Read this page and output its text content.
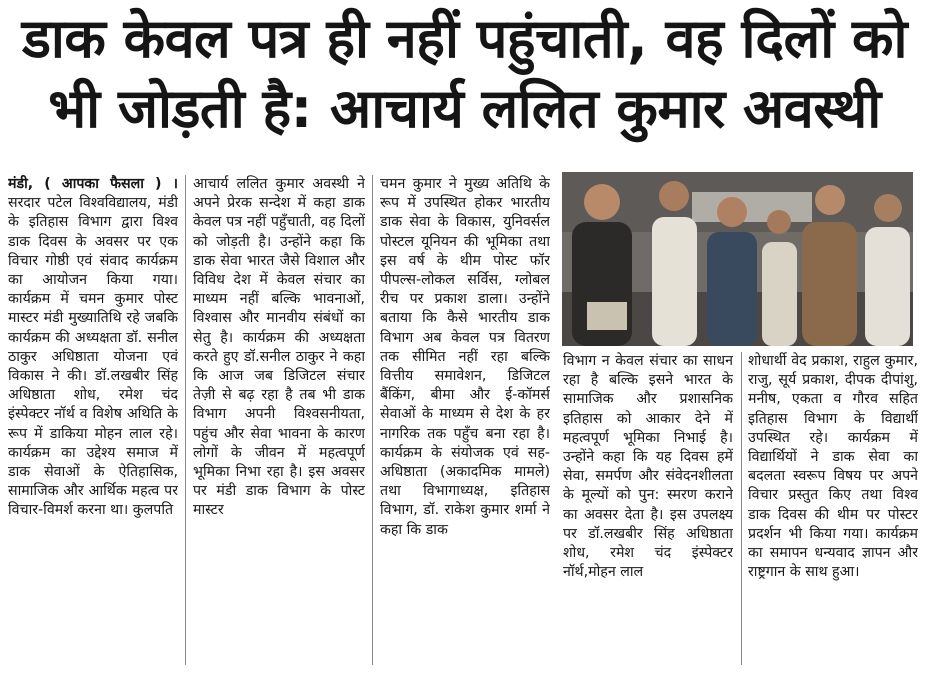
डाक केवल पत्र ही नहीं पहुंचाती, वह दिलों को
भी जोड़ती है: आचार्य ललित कुमार अवस्थी

मंडी, ( आपका फैसला ) । सरदार पटेल विश्वविद्यालय, मंडी के इतिहास विभाग द्वारा विश्व डाक दिवस के अवसर पर एक विचार गोष्ठी एवं संवाद कार्यक्रम का आयोजन किया गया। कार्यक्रम में चमन कुमार पोस्ट मास्टर मंडी मुख्यातिथि रहे जबकि कार्यक्रम की अध्यक्षता डॉ. सनील ठाकुर अधिष्ठाता योजना एवं विकास ने की। डॉ.लखबीर सिंह अधिष्ठाता शोध, रमेश चंद इंस्पेक्टर नॉर्थ व विशेष अथिति के रूप में डाकिया मोहन लाल रहे। कार्यक्रम का उद्देश्य समाज में डाक सेवाओं के ऐतिहासिक, सामाजिक और आर्थिक महत्व पर विचार-विमर्श करना था। कुलपति

आचार्य ललित कुमार अवस्थी ने अपने प्रेरक सन्देश में कहा डाक केवल पत्र नहीं पहुँचाती, वह दिलों को जोड़ती है। उन्होंने कहा कि डाक सेवा भारत जैसे विशाल और विविध देश में केवल संचार का माध्यम नहीं बल्कि भावनाओं, विश्वास और मानवीय संबंधों का सेतु है। कार्यक्रम की अध्यक्षता करते हुए डॉ.सनील ठाकुर ने कहा कि आज जब डिजिटल संचार तेज़ी से बढ़ रहा है तब भी डाक विभाग अपनी विश्वसनीयता, पहुंच और सेवा भावना के कारण लोगों के जीवन में महत्वपूर्ण भूमिका निभा रहा है। इस अवसर पर मंडी डाक विभाग के पोस्ट मास्टर

चमन कुमार ने मुख्य अतिथि के रूप में उपस्थित होकर भारतीय डाक सेवा के विकास, युनिवर्सल पोस्टल यूनियन की भूमिका तथा इस वर्ष के थीम पोस्ट फॉर पीपल्स-लोकल सर्विस, ग्लोबल रीच पर प्रकाश डाला। उन्होंने बताया कि कैसे भारतीय डाक विभाग अब केवल पत्र वितरण तक सीमित नहीं रहा बल्कि वित्तीय समावेशन, डिजिटल बैंकिंग, बीमा और ई-कॉमर्स सेवाओं के माध्यम से देश के हर नागरिक तक पहुँच बना रहा है। कार्यक्रम के संयोजक एवं सह-अधिष्ठाता (अकादमिक मामले) तथा विभागाध्यक्ष, इतिहास विभाग, डॉ. राकेश कुमार शर्मा ने कहा कि डाक

विभाग न केवल संचार का साधन रहा है बल्कि इसने भारत के सामाजिक और प्रशासनिक इतिहास को आकार देने में महत्वपूर्ण भूमिका निभाई है। उन्होंने कहा कि यह दिवस हमें सेवा, समर्पण और संवेदनशीलता के मूल्यों को पुन: स्मरण कराने का अवसर देता है। इस उपलक्ष्य पर डॉ.लखबीर सिंह अधिष्ठाता शोध, रमेश चंद इंस्पेक्टर नॉर्थ,मोहन लाल

शोधार्थी वेद प्रकाश, राहुल कुमार, राजु, सूर्य प्रकाश, दीपक दीपांशु, मनीष, एकता व गौरव सहित इतिहास विभाग के विद्यार्थी उपस्थित रहे। कार्यक्रम में विद्यार्थियों ने डाक सेवा का बदलता स्वरूप विषय पर अपने विचार प्रस्तुत किए तथा विश्व डाक दिवस की थीम पर पोस्टर प्रदर्शन भी किया गया। कार्यक्रम का समापन धन्यवाद ज्ञापन और राष्ट्रगान के साथ हुआ।
